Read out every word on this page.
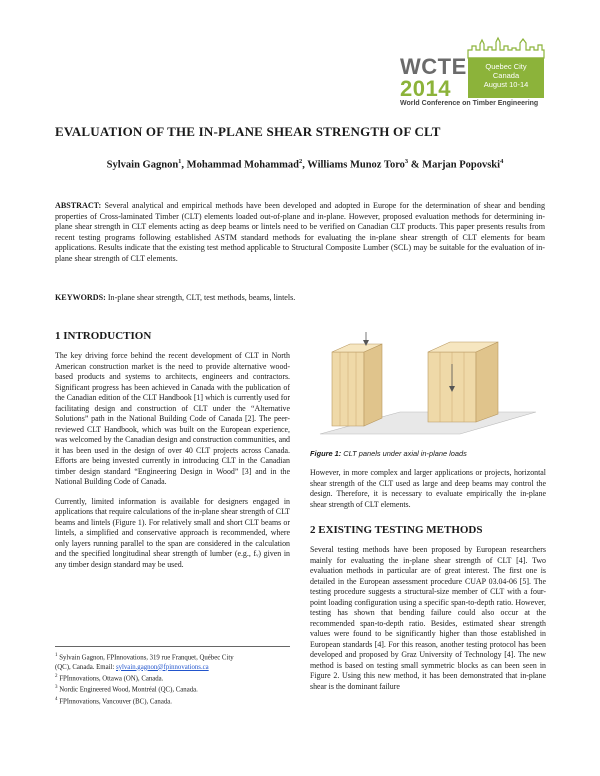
WCTE
2014
Quebec City
Canada
August 10-14
World Conference on Timber Engineering
EVALUATION OF THE IN-PLANE SHEAR STRENGTH OF CLT
Sylvain Gagnon$^1$, Mohammad Mohammad$^2$, Williams Munoz Toro$^3$ & Marjan Popovski$^4$
ABSTRACT: Several analytical and empirical methods have been developed and adopted in Europe for the determination of shear and bending properties of Cross-laminated Timber (CLT) elements loaded out-of-plane and in-plane. However, proposed evaluation methods for determining in-plane shear strength in CLT elements acting as deep beams or lintels need to be verified on Canadian CLT products. This paper presents results from recent testing programs following established ASTM standard methods for evaluating the in-plane shear strength of CLT elements for beam applications. Results indicate that the existing test method applicable to Structural Composite Lumber (SCL) may be suitable for the evaluation of in-plane shear strength of CLT elements.
KEYWORDS: In-plane shear strength, CLT, test methods, beams, lintels.
1 INTRODUCTION

The key driving force behind the recent development of CLT in North American construction market is the need to provide alternative wood-based products and systems to architects, engineers and contractors. Significant progress has been achieved in Canada with the publication of the Canadian edition of the CLT Handbook [1] which is currently used for facilitating design and construction of CLT under the “Alternative Solutions” path in the National Building Code of Canada [2]. The peer-reviewed CLT Handbook, which was built on the European experience, was welcomed by the Canadian design and construction communities, and it has been used in the design of over 40 CLT projects across Canada. Efforts are being invested currently in introducing CLT in the Canadian timber design standard “Engineering Design in Wood” [3] and in the National Building Code of Canada.

Currently, limited information is available for designers engaged in applications that require calculations of the in-plane shear strength of CLT beams and lintels (Figure 1). For relatively small and short CLT beams or lintels, a simplified and conservative approach is recommended, where only layers running parallel to the span are considered in the calculation and the specified longitudinal shear strength of lumber (e.g., fᵥ) given in any timber design standard may be used.

Figure 1: CLT panels under axial in-plane loads

However, in more complex and larger applications or projects, horizontal shear strength of the CLT used as large and deep beams may control the design. Therefore, it is necessary to evaluate empirically the in-plane shear strength of CLT elements.

2 EXISTING TESTING METHODS

Several testing methods have been proposed by European researchers mainly for evaluating the in-plane shear strength of CLT [4]. Two evaluation methods in particular are of great interest. The first one is detailed in the European assessment procedure CUAP 03.04-06 [5]. The testing procedure suggests a structural-size member of CLT with a four-point loading configuration using a specific span-to-depth ratio. However, testing has shown that bending failure could also occur at the recommended span-to-depth ratio. Besides, estimated shear strength values were found to be significantly higher than those established in European standards [4]. For this reason, another testing protocol has been developed and proposed by Graz University of Technology [4]. The new method is based on testing small symmetric blocks as can been seen in Figure 2. Using this new method, it has been demonstrated that in-plane shear is the dominant failure

$^1$ Sylvain Gagnon, FPInnovations, 319 rue Franquet, Québec City
(QC), Canada. Email: sylvain.gagnon@fpinnovations.ca
$^2$ FPInnovations, Ottawa (ON), Canada.
$^3$ Nordic Engineered Wood, Montréal (QC), Canada.
$^4$ FPInnovations, Vancouver (BC), Canada.
